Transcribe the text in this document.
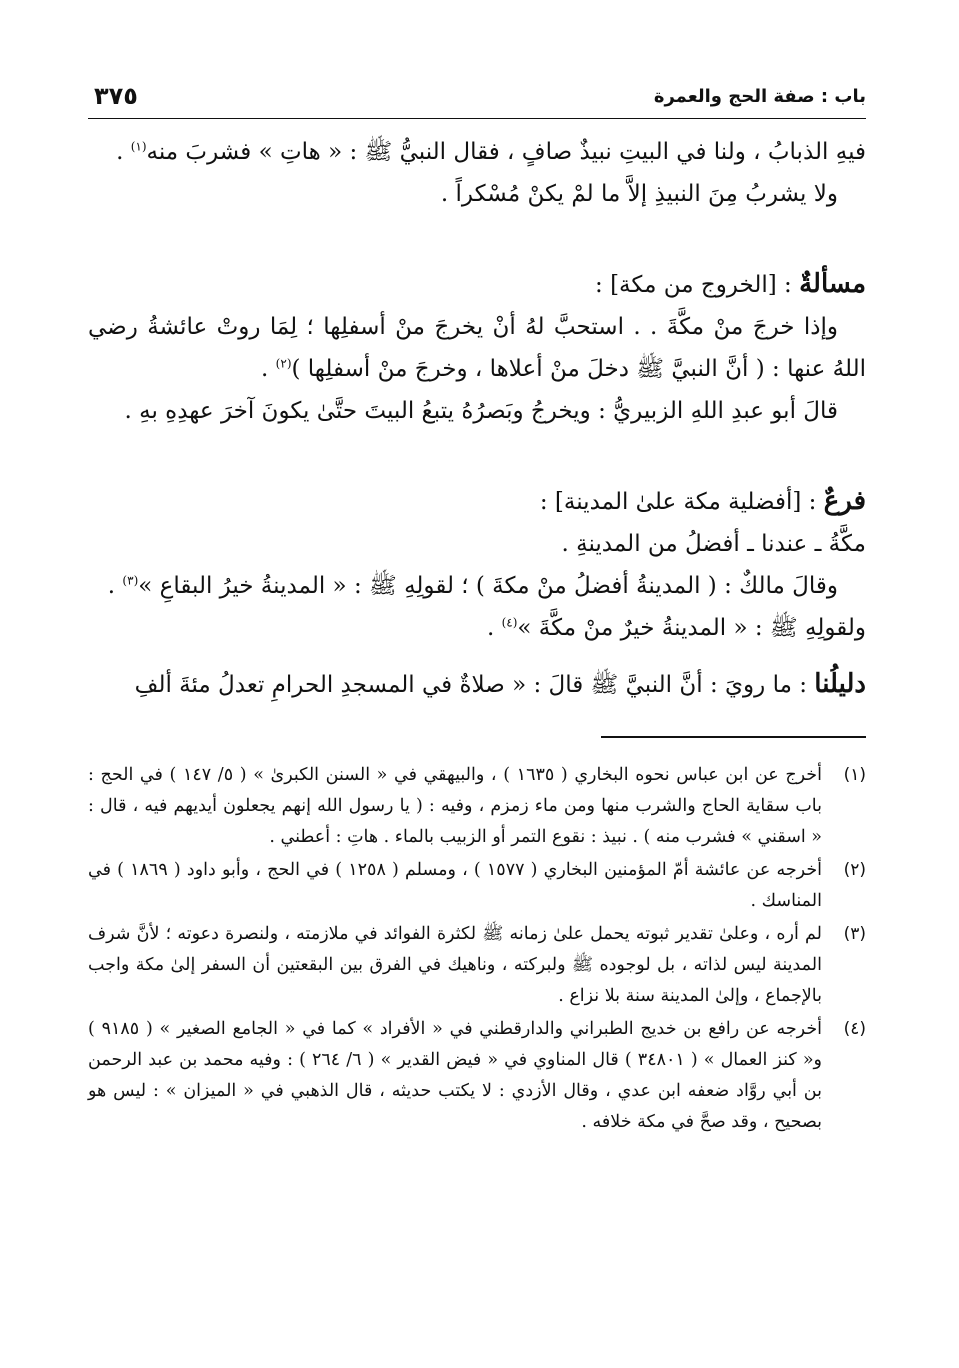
باب : صفة الحج والعمرة
٣٧٥

فيهِ الذبابُ ، ولنا في البيتِ نبيذٌ صافٍ ، فقال النبيُّ ﷺ : « هاتِ » فشربَ منه$^{(١)}$ .

ولا يشربُ مِنَ النبيذِ إلاَّ ما لمْ يكنْ مُسْكراً .

مسألةٌ : [الخروج من مكة] :

وإذا خرجَ منْ مكَّةَ . . استحبَّ لهُ أنْ يخرجَ منْ أسفلِها ؛ لِمَا روتْ عائشةُ رضي اللهُ عنها : ( أنَّ النبيَّ ﷺ دخلَ منْ أعلاها ، وخرجَ منْ أسفلِها )$^{(٢)}$ .

قالَ أبو عبدِ اللهِ الزبيريُّ : ويخرجُ وبَصرُهُ يتبعُ البيتَ حتَّىٰ يكونَ آخرَ عهدِهِ بهِ .

فرعٌ : [أفضلية مكة علىٰ المدينة] :

مكَّةُ ـ عندنا ـ أفضلُ من المدينةِ .

وقالَ مالكٌ : ( المدينةُ أفضلُ منْ مكةَ ) ؛ لقولِهِ ﷺ : « المدينةُ خيرُ البقاعِ »$^{(٣)}$ .

ولقولِهِ ﷺ : « المدينةُ خيرٌ منْ مكَّةَ »$^{(٤)}$ .

دليلُنا : ما رويَ : أنَّ النبيَّ ﷺ قالَ : « صلاةٌ في المسجدِ الحرامِ تعدلُ مئةَ ألفِ

(١)
أخرج عن ابن عباس نحوه البخاري ( ١٦٣٥ ) ، والبيهقي في « السنن الكبرىٰ » ( ٥/ ١٤٧ ) في الحج : باب سقاية الحاج والشرب منها ومن ماء زمزم ، وفيه : ( يا رسول الله إنهم يجعلون أيديهم فيه ، قال : « اسقني » فشرب منه ) . نبيذ : نقوع التمر أو الزبيب بالماء . هاتِ : أعطني .
(٢)
أخرجه عن عائشة أمّ المؤمنين البخاري ( ١٥٧٧ ) ، ومسلم ( ١٢٥٨ ) في الحج ، وأبو داود ( ١٨٦٩ ) في المناسك .
(٣)
لم أره ، وعلىٰ تقدير ثبوته يحمل علىٰ زمانه ﷺ لكثرة الفوائد في ملازمته ، ولنصرة دعوته ؛ لأنَّ شرف المدينة ليس لذاته ، بل لوجوده ﷺ ولبركته ، وناهيك في الفرق بين البقعتين أن السفر إلىٰ مكة واجب بالإجماع ، وإلىٰ المدينة سنة بلا نزاع .
(٤)
أخرجه عن رافع بن خديج الطبراني والدارقطني في « الأفراد » كما في « الجامع الصغير » ( ٩١٨٥ ) و« كنز العمال » ( ٣٤٨٠١ ) قال المناوي في « فيض القدير » ( ٦/ ٢٦٤ ) : وفيه محمد بن عبد الرحمن بن أبي روَّاد ضعفه ابن عدي ، وقال الأزدي : لا يكتب حديثه ، قال الذهبي في « الميزان » : ليس هو بصحيح ، وقد صحَّ في مكة خلافه .
